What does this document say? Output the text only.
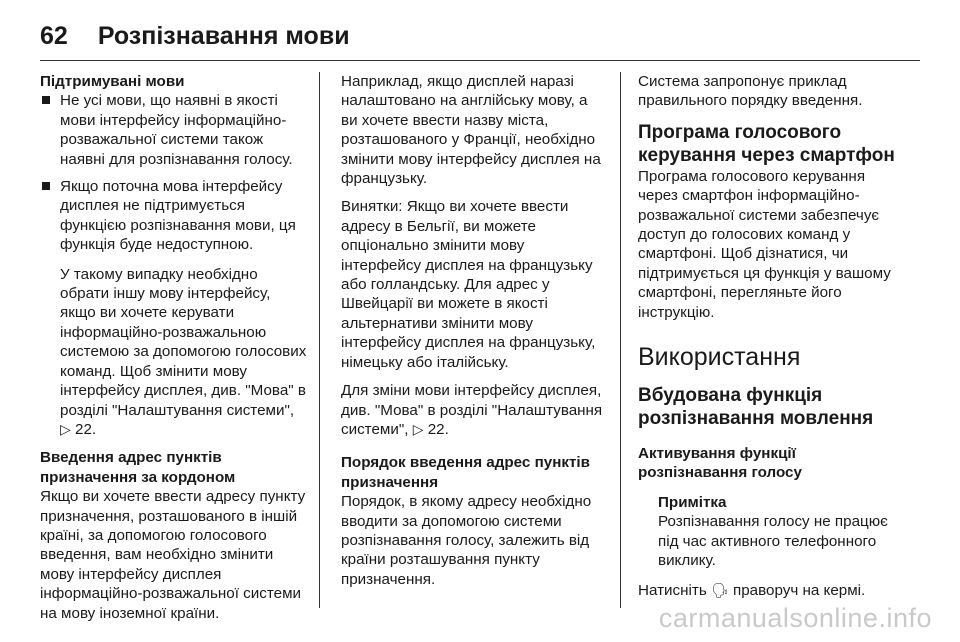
62 Розпізнавання мови
Підтримувані мови
Не усі мови, що наявні в якості мови інтерфейсу інформаційно-розважальної системи також наявні для розпізнавання голосу.
Якщо поточна мова інтерфейсу дисплея не підтримується функцією розпізнавання мови, ця функція буде недоступною.

У такому випадку необхідно обрати іншу мову інтерфейсу, якщо ви хочете керувати інформаційно-розважальною системою за допомогою голосових команд. Щоб змінити мову інтерфейсу дисплея, див. "Мова" в розділі "Налаштування системи", ▷ 22.

Введення адрес пунктів призначення за кордоном

Якщо ви хочете ввести адресу пункту призначення, розташованого в іншій країні, за допомогою голосового введення, вам необхідно змінити мову інтерфейсу дисплея інформаційно-розважальної системи на мову іноземної країни.

Наприклад, якщо дисплей наразі налаштовано на англійську мову, а ви хочете ввести назву міста, розташованого у Франції, необхідно змінити мову інтерфейсу дисплея на французьку.

Винятки: Якщо ви хочете ввести адресу в Бельгії, ви можете опціонально змінити мову інтерфейсу дисплея на французьку або голландську. Для адрес у Швейцарії ви можете в якості альтернативи змінити мову інтерфейсу дисплея на французьку, німецьку або італійську.

Для зміни мови інтерфейсу дисплея, див. "Мова" в розділі "Налаштування системи", ▷ 22.

Порядок введення адрес пунктів призначення

Порядок, в якому адресу необхідно вводити за допомогою системи розпізнавання голосу, залежить від країни розташування пункту призначення.

Система запропонує приклад правильного порядку введення.

Програма голосового керування через смартфон

Програма голосового керування через смартфон інформаційно-розважальної системи забезпечує доступ до голосових команд у смартфоні. Щоб дізнатися, чи підтримується ця функція у вашому смартфоні, перегляньте його інструкцію.

Використання
Вбудована функція розпізнавання мовлення
Активування функції розпізнавання голосу
Примітка
Розпізнавання голосу не працює під час активного телефонного виклику.

Натисніть 🗣 праворуч на кермі.

carmanualsonline.info
